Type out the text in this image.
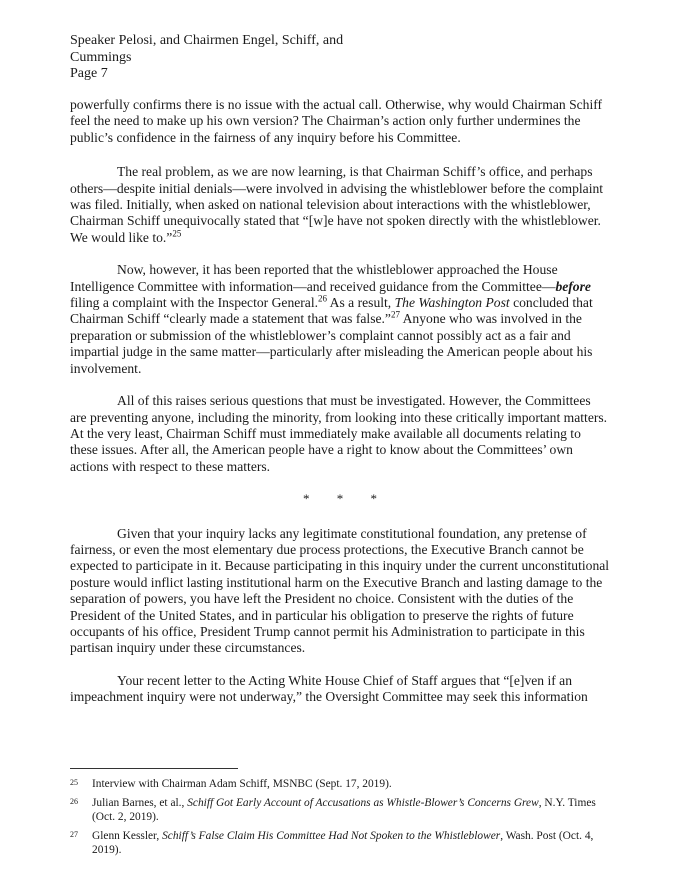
Speaker Pelosi, and Chairmen Engel, Schiff, and
Cummings
Page 7

powerfully confirms there is no issue with the actual call. Otherwise, why would Chairman Schiff feel the need to make up his own version? The Chairman’s action only further undermines the public’s confidence in the fairness of any inquiry before his Committee.

The real problem, as we are now learning, is that Chairman Schiff’s office, and perhaps others—despite initial denials—were involved in advising the whistleblower before the complaint was filed. Initially, when asked on national television about interactions with the whistleblower, Chairman Schiff unequivocally stated that “[w]e have not spoken directly with the whistleblower. We would like to.”$^{25}$

Now, however, it has been reported that the whistleblower approached the House Intelligence Committee with information—and received guidance from the Committee—before filing a complaint with the Inspector General.$^{26}$ As a result, The Washington Post concluded that Chairman Schiff “clearly made a statement that was false.”$^{27}$ Anyone who was involved in the preparation or submission of the whistleblower’s complaint cannot possibly act as a fair and impartial judge in the same matter—particularly after misleading the American people about his involvement.

All of this raises serious questions that must be investigated. However, the Committees are preventing anyone, including the minority, from looking into these critically important matters. At the very least, Chairman Schiff must immediately make available all documents relating to these issues. After all, the American people have a right to know about the Committees’ own actions with respect to these matters.

* * *

Given that your inquiry lacks any legitimate constitutional foundation, any pretense of fairness, or even the most elementary due process protections, the Executive Branch cannot be expected to participate in it. Because participating in this inquiry under the current unconstitutional posture would inflict lasting institutional harm on the Executive Branch and lasting damage to the separation of powers, you have left the President no choice. Consistent with the duties of the President of the United States, and in particular his obligation to preserve the rights of future occupants of his office, President Trump cannot permit his Administration to participate in this partisan inquiry under these circumstances.

Your recent letter to the Acting White House Chief of Staff argues that “[e]ven if an impeachment inquiry were not underway,” the Oversight Committee may seek this information

25	Interview with Chairman Adam Schiff, MSNBC (Sept. 17, 2019).
26	Julian Barnes, et al., Schiff Got Early Account of Accusations as Whistle-Blower’s Concerns Grew, N.Y. Times (Oct. 2, 2019).
27	Glenn Kessler, Schiff’s False Claim His Committee Had Not Spoken to the Whistleblower, Wash. Post (Oct. 4, 2019).
